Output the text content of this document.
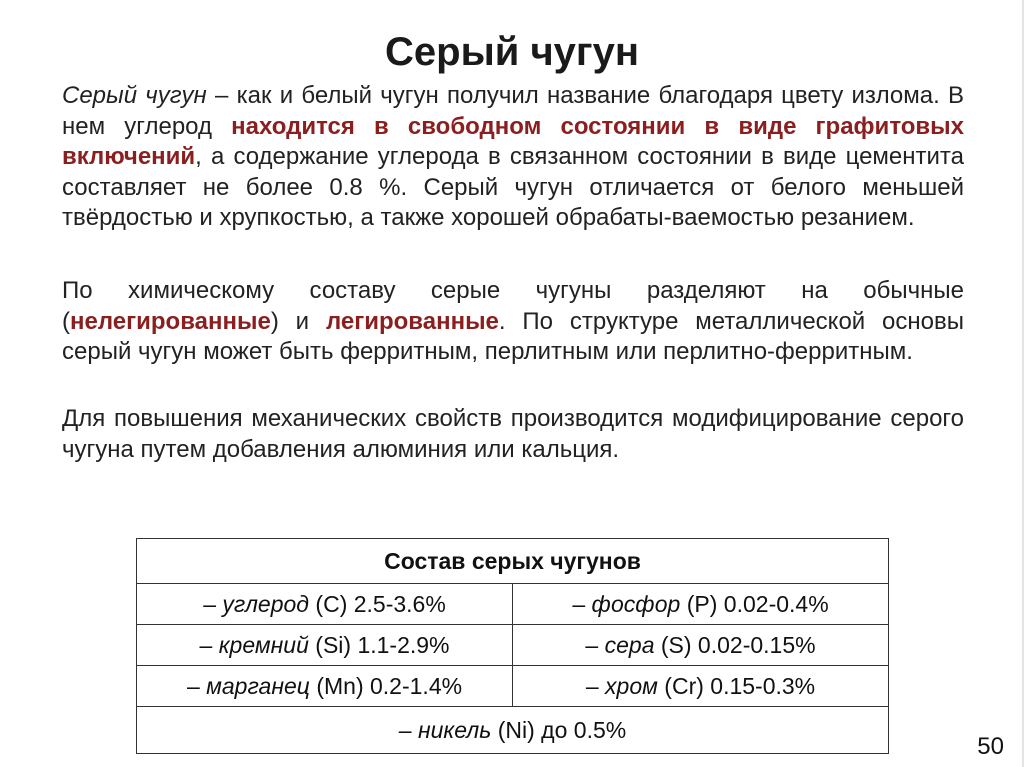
Серый чугун
Серый чугун – как и белый чугун получил название благодаря цвету излома. В нем углерод находится в свободном состоянии в виде графитовых включений, а содержание углерода в связанном состоянии в виде цементита составляет не более 0.8 %. Серый чугун отличается от белого меньшей твёрдостью и хрупкостью, а также хорошей обрабаты-ваемостью резанием.
По химическому составу серые чугуны разделяют на обычные (нелегированные) и легированные. По структуре металлической основы серый чугун может быть ферритным, перлитным или перлитно-ферритным.
Для повышения механических свойств производится модифицирование серого чугуна путем добавления алюминия или кальция.
Состав серых чугунов	
– углерод (C) 2.5-3.6%	– фосфор (P) 0.02-0.4%
– кремний (Si) 1.1-2.9%	– сера (S) 0.02-0.15%
– марганец (Mn) 0.2-1.4%	– хром (Cr) 0.15-0.3%
– никель (Ni) до 0.5%	
50
